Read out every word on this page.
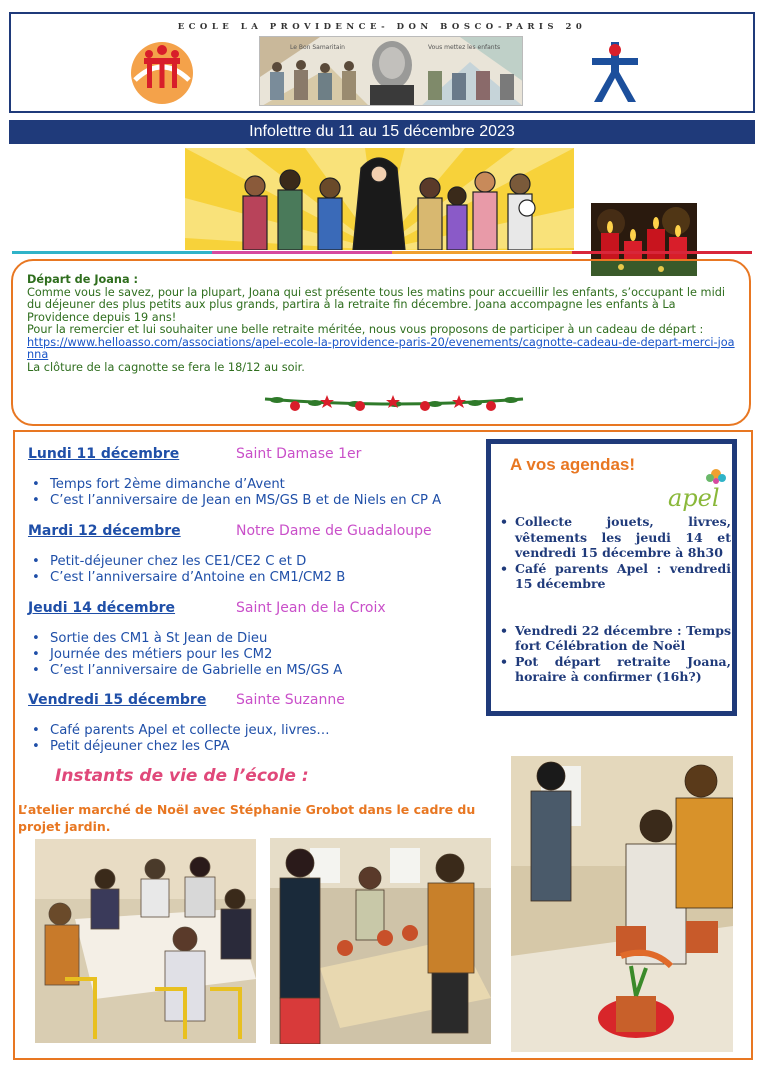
ECOLE LA PROVIDENCE- DON BOSCO-PARIS 20
Le Bon Samaritain	Vous mettez les enfants
Infolettre du 11 au 15 décembre 2023
Départ de Joana :
Comme vous le savez, pour la plupart, Joana qui est présente tous les matins pour accueillir les enfants, s’occupant le midi du déjeuner des plus petits aux plus grands, partira à la retraite fin décembre. Joana accompagne les enfants à La Providence depuis 19 ans!
Pour la remercier et lui souhaiter une belle retraite méritée, nous vous proposons de participer à un cadeau de départ :
https://www.helloasso.com/associations/apel-ecole-la-providence-paris-20/evenements/cagnotte-cadeau-de-depart-merci-joanna
La clôture de la cagnotte se fera le 18/12 au soir.
Lundi 11 décembre	Saint Damase 1er
• Temps fort 2ème dimanche d’Avent
• C’est l’anniversaire de Jean en MS/GS B et de Niels en CP A
Mardi 12 décembre	Notre Dame de Guadaloupe
• Petit-déjeuner chez les CE1/CE2 C et D
• C’est l’anniversaire d’Antoine en CM1/CM2 B
Jeudi 14 décembre	Saint Jean de la Croix
• Sortie des CM1 à St Jean de Dieu
• Journée des métiers pour les CM2
• C’est l’anniversaire de Gabrielle en MS/GS A
Vendredi 15 décembre Sainte Suzanne
• Café parents Apel et collecte jeux, livres…
• Petit déjeuner chez les CPA
A vos agendas!
apel
• Collecte jouets, livres, vêtements les jeudi 14 et vendredi 15 décembre à 8h30
• Café parents Apel : vendredi 15 décembre
• Vendredi 22 décembre : Temps fort Célébration de Noël
• Pot départ retraite Joana, horaire à confirmer (16h?)
Instants de vie de l’école :
L’atelier marché de Noël avec Stéphanie Grobot dans le cadre du projet jardin.
